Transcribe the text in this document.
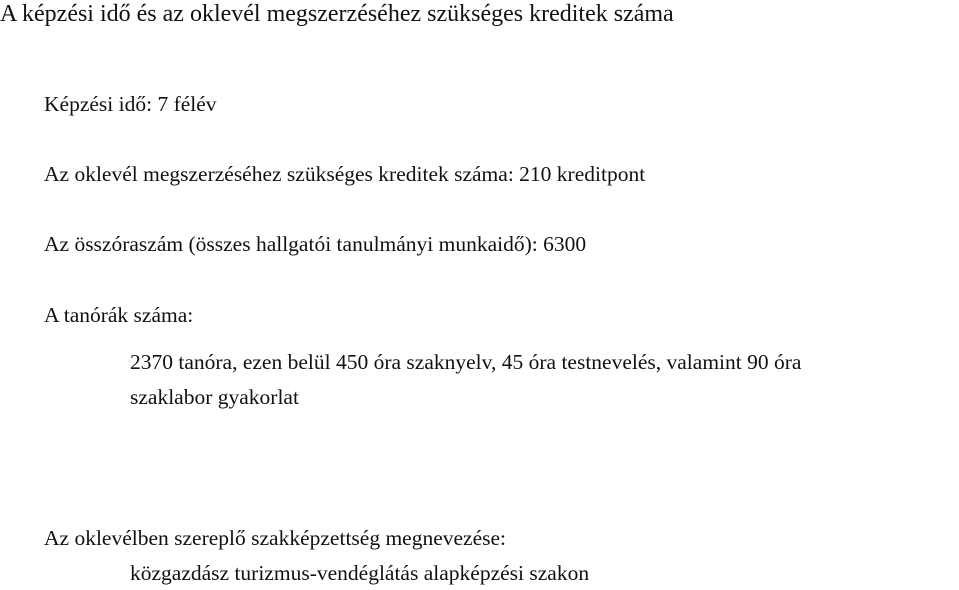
A képzési idő és az oklevél megszerzéséhez szükséges kreditek száma

Képzési idő: 7 félév

Az oklevél megszerzéséhez szükséges kreditek száma: 210 kreditpont

Az összóraszám (összes hallgatói tanulmányi munkaidő): 6300

A tanórák száma:

2370 tanóra, ezen belül 450 óra szaknyelv, 45 óra testnevelés, valamint 90 óra

szaklabor gyakorlat

Az oklevélben szereplő szakképzettség megnevezése:

közgazdász turizmus-vendéglátás alapképzési szakon
